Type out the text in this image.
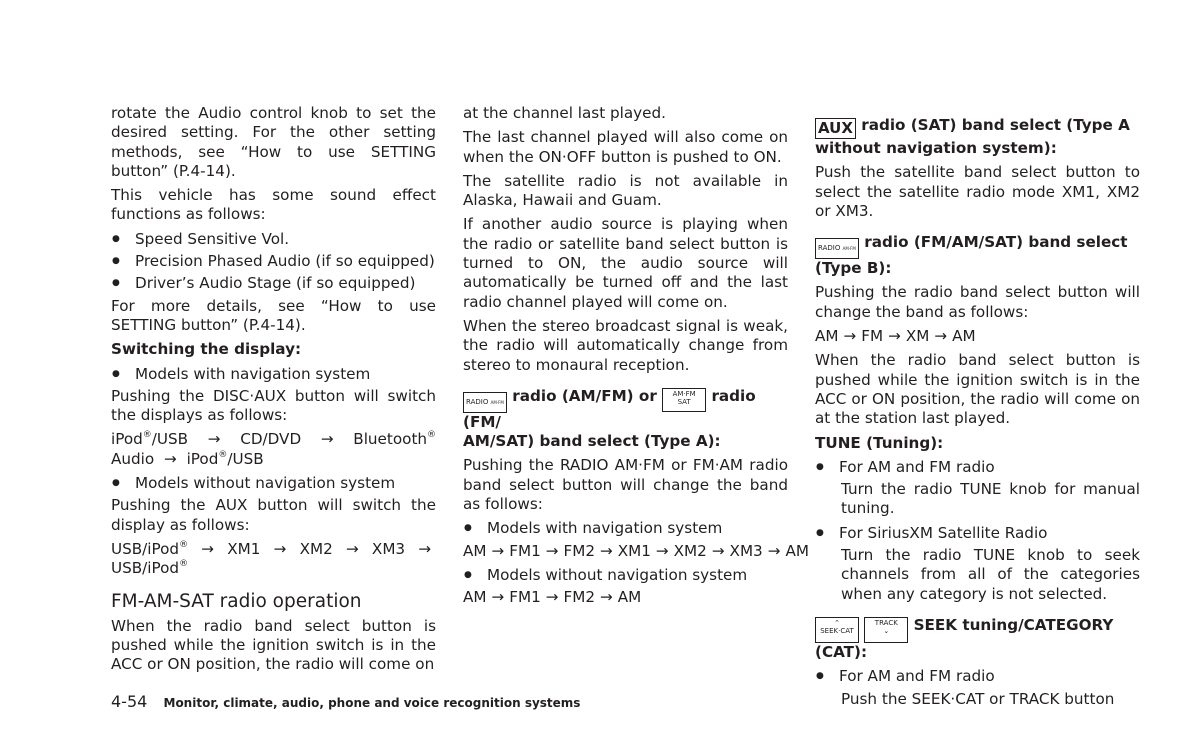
rotate the Audio control knob to set the desired setting. For the other setting methods, see “How to use SETTING button” (P.4-14).

This vehicle has some sound effect functions as follows:

● Speed Sensitive Vol.
● Precision Phased Audio (if so equipped)
● Driver’s Audio Stage (if so equipped)

For more details, see “How to use SETTING button” (P.4-14).

Switching the display:
● Models with navigation system

Pushing the DISC·AUX button will switch the displays as follows:

iPod®/USB → CD/DVD → Bluetooth® Audio → iPod®/USB

● Models without navigation system

Pushing the AUX button will switch the display as follows:

USB/iPod® → XM1 → XM2 → XM3 → USB/iPod®

FM-AM-SAT radio operation

When the radio band select button is pushed while the ignition switch is in the ACC or ON position, the radio will come on

at the channel last played.

The last channel played will also come on when the ON·OFF button is pushed to ON.

The satellite radio is not available in Alaska, Hawaii and Guam.

If another audio source is playing when the radio or satellite band select button is turned to ON, the audio source will automatically be turned off and the last radio channel played will come on.

When the stereo broadcast signal is weak, the radio will automatically change from stereo to monaural reception.

RADIO AM·FM radio (AM/FM) or AM·FM
SAT radio (FM/
AM/SAT) band select (Type A):

Pushing the RADIO AM·FM or FM·AM radio band select button will change the band as follows:

● Models with navigation system

AM → FM1 → FM2 → XM1 → XM2 → XM3 → AM

● Models without navigation system

AM → FM1 → FM2 → AM

AUX radio (SAT) band select (Type A
without navigation system):

Push the satellite band select button to select the satellite radio mode XM1, XM2 or XM3.

RADIO AM·FM radio (FM/AM/SAT) band select
(Type B):

Pushing the radio band select button will change the band as follows:

AM → FM → XM → AM

When the radio band select button is pushed while the ignition switch is in the ACC or ON position, the radio will come on at the station last played.

TUNE (Tuning):
● For AM and FM radio

Turn the radio TUNE knob for manual tuning.

● For SiriusXM Satellite Radio

Turn the radio TUNE knob to seek channels from all of the categories when any category is not selected.

⌃
SEEK·CAT TRACK
⌄ SEEK tuning/CATEGORY (CAT):
● For AM and FM radio

Push the SEEK·CAT or TRACK button

4-54 Monitor, climate, audio, phone and voice recognition systems
